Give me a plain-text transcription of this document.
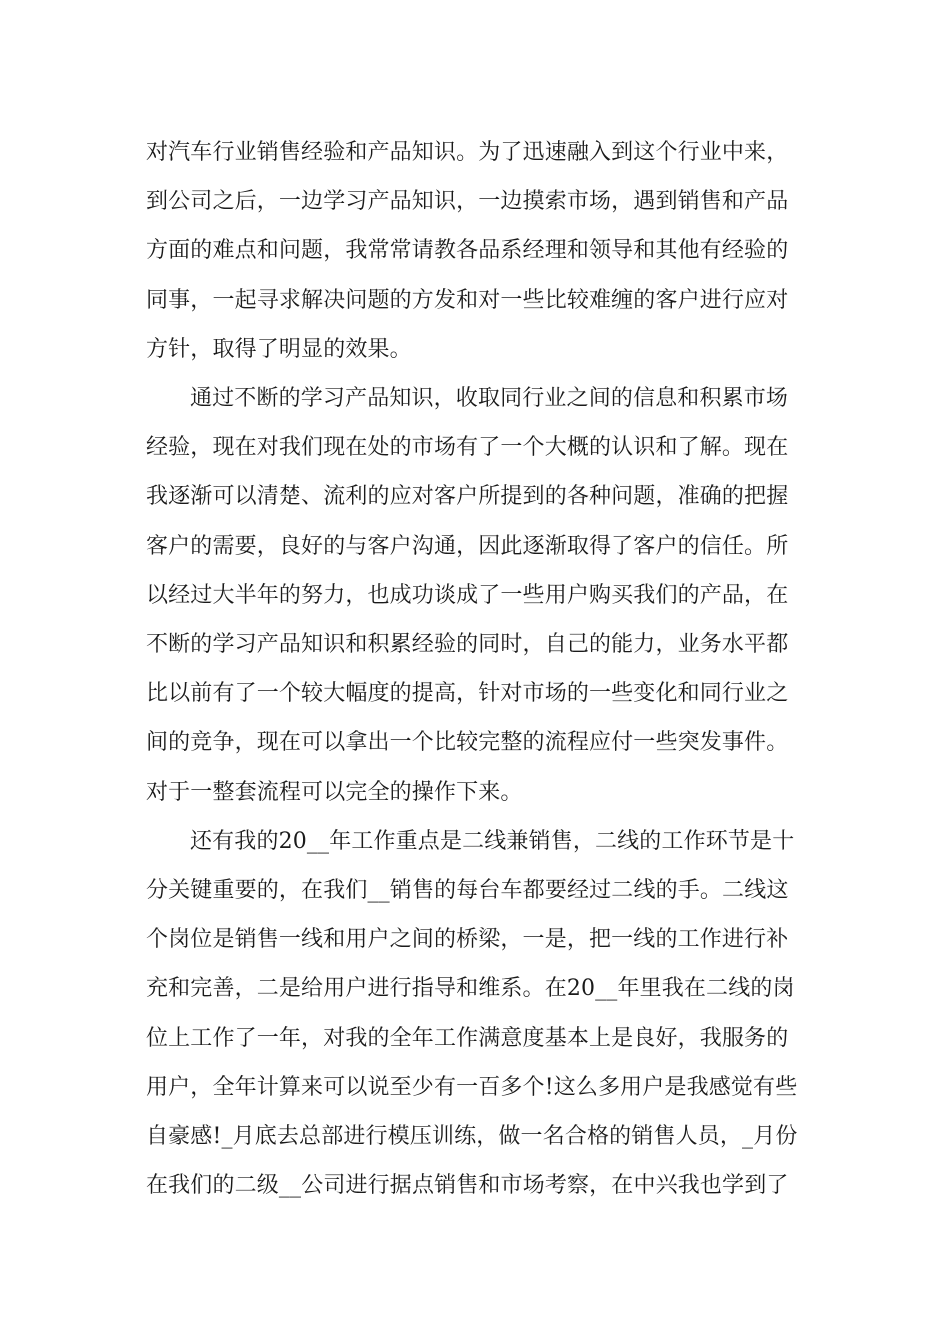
对汽车行业销售经验和产品知识。为了迅速融入到这个行业中来，
到公司之后，一边学习产品知识，一边摸索市场，遇到销售和产品
方面的难点和问题，我常常请教各品系经理和领导和其他有经验的
同事，一起寻求解决问题的方发和对一些比较难缠的客户进行应对
方针，取得了明显的效果。
通过不断的学习产品知识，收取同行业之间的信息和积累市场
经验，现在对我们现在处的市场有了一个大概的认识和了解。现在
我逐渐可以清楚、流利的应对客户所提到的各种问题，准确的把握
客户的需要，良好的与客户沟通，因此逐渐取得了客户的信任。所
以经过大半年的努力，也成功谈成了一些用户购买我们的产品，在
不断的学习产品知识和积累经验的同时，自己的能力，业务水平都
比以前有了一个较大幅度的提高，针对市场的一些变化和同行业之
间的竞争，现在可以拿出一个比较完整的流程应付一些突发事件。
对于一整套流程可以完全的操作下来。
还有我的20__年工作重点是二线兼销售，二线的工作环节是十
分关键重要的，在我们__销售的每台车都要经过二线的手。二线这
个岗位是销售一线和用户之间的桥梁，一是，把一线的工作进行补
充和完善，二是给用户进行指导和维系。在20__年里我在二线的岗
位上工作了一年，对我的全年工作满意度基本上是良好，我服务的
用户，全年计算来可以说至少有一百多个!这么多用户是我感觉有些
自豪感!_月底去总部进行模压训练，做一名合格的销售人员，_月份
在我们的二级__公司进行据点销售和市场考察，在中兴我也学到了
